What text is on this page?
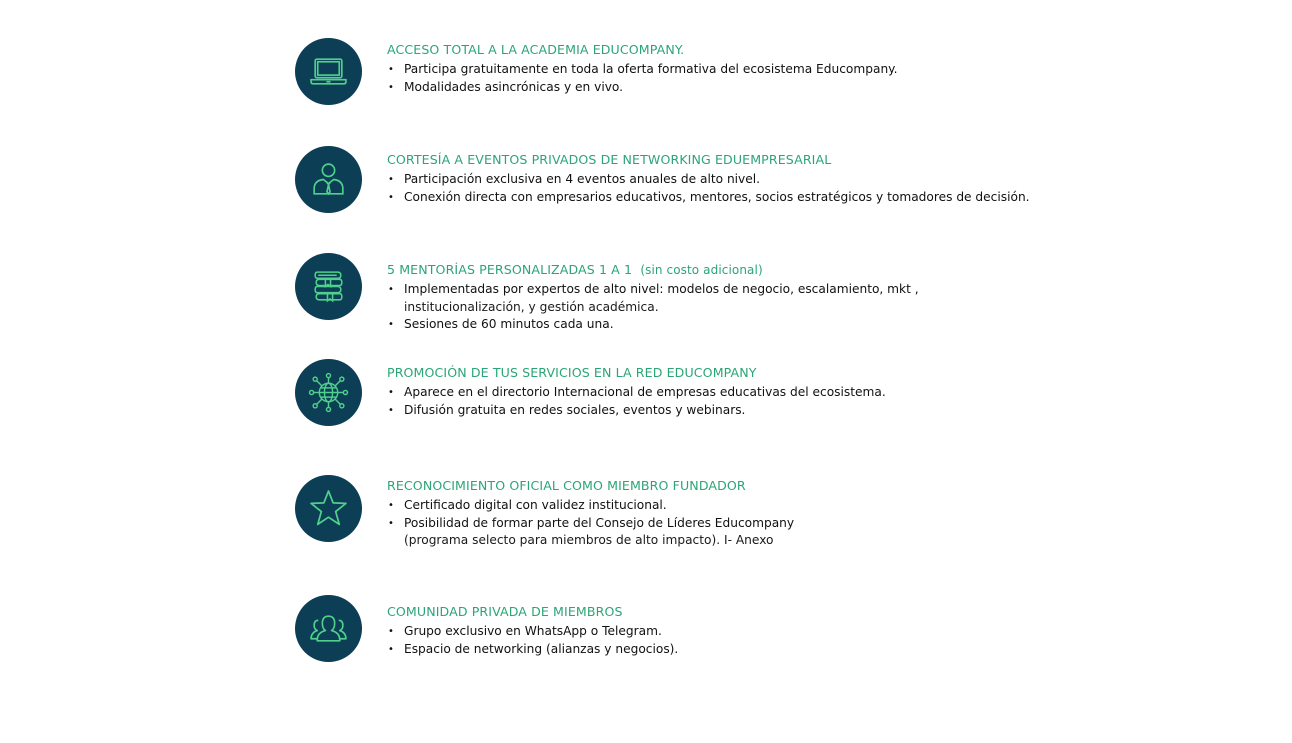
ACCESO TOTAL A LA ACADEMIA EDUCOMPANY.
• Participa gratuitamente en toda la oferta formativa del ecosistema Educompany.
• Modalidades asincrónicas y en vivo.
CORTESÍA A EVENTOS PRIVADOS DE NETWORKING EDUEMPRESARIAL
• Participación exclusiva en 4 eventos anuales de alto nivel.
• Conexión directa con empresarios educativos, mentores, socios estratégicos y tomadores de decisión.
5 MENTORÍAS PERSONALIZADAS 1 A 1 (sin costo adicional)
• Implementadas por expertos de alto nivel: modelos de negocio, escalamiento, mkt ,
institucionalización, y gestión académica.
• Sesiones de 60 minutos cada una.
PROMOCIÓN DE TUS SERVICIOS EN LA RED EDUCOMPANY
• Aparece en el directorio Internacional de empresas educativas del ecosistema.
• Difusión gratuita en redes sociales, eventos y webinars.
RECONOCIMIENTO OFICIAL COMO MIEMBRO FUNDADOR
• Certificado digital con validez institucional.
• Posibilidad de formar parte del Consejo de Líderes Educompany
(programa selecto para miembros de alto impacto). I- Anexo
COMUNIDAD PRIVADA DE MIEMBROS
• Grupo exclusivo en WhatsApp o Telegram.
• Espacio de networking (alianzas y negocios).
